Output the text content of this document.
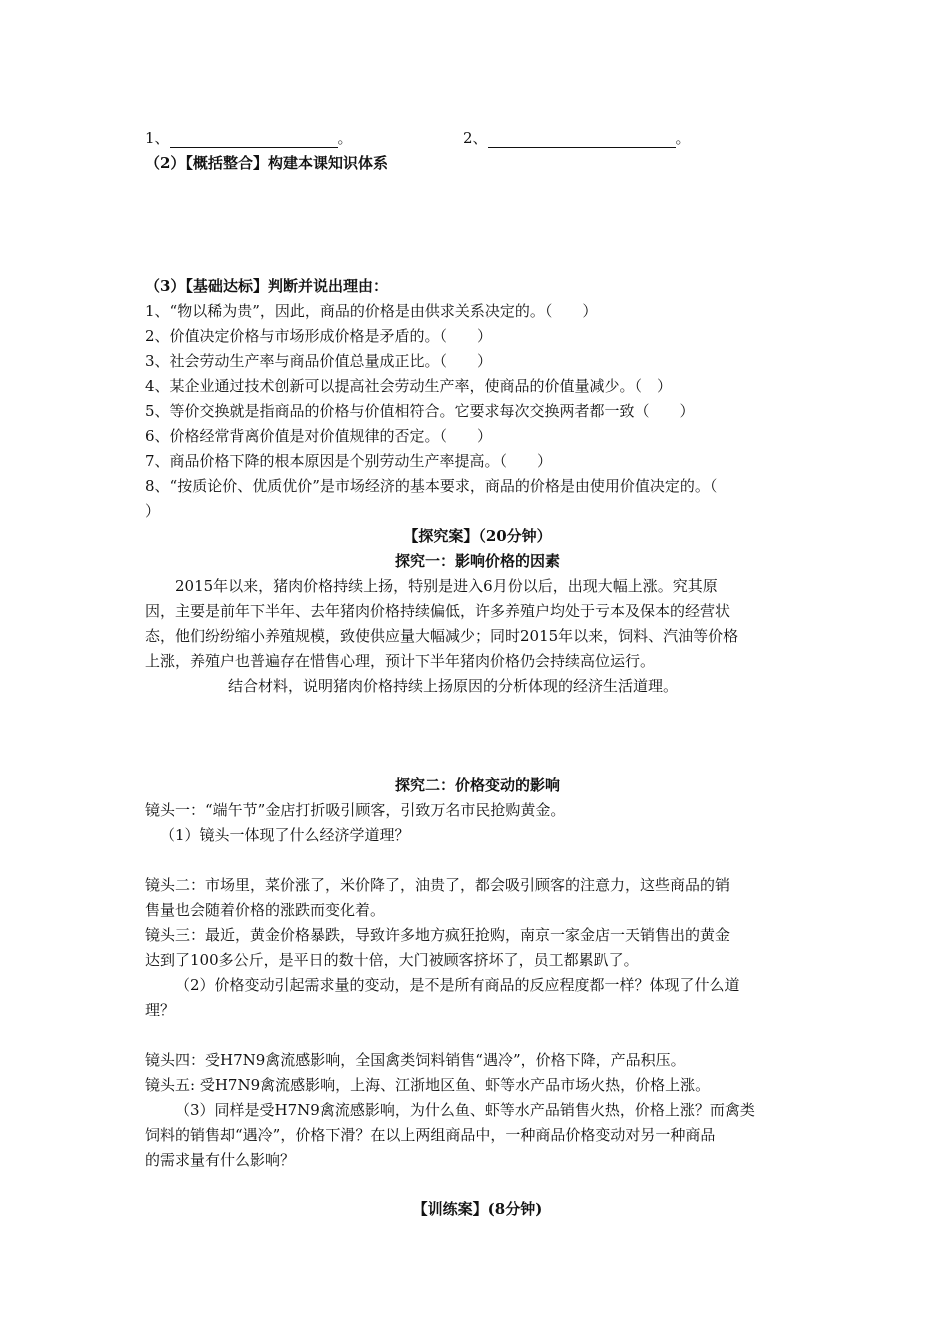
1、	。	2、	。
（2）【概括整合】构建本课知识体系
（3）【基础达标】判断并说出理由：
1、“物以稀为贵”，因此，商品的价格是由供求关系决定的。（　　）
2、价值决定价格与市场形成价格是矛盾的。（　　）
3、社会劳动生产率与商品价值总量成正比。（　　）
4、某企业通过技术创新可以提高社会劳动生产率，使商品的价值量减少。（　）
5、等价交换就是指商品的价格与价值相符合。它要求每次交换两者都一致（　　）
6、价格经常背离价值是对价值规律的否定。（　　）
7、商品价格下降的根本原因是个别劳动生产率提高。（　　）
8、“按质论价、优质优价”是市场经济的基本要求，商品的价格是由使用价值决定的。（
）
【探究案】（20分钟）
探究一：影响价格的因素
2015年以来，猪肉价格持续上扬，特别是进入6月份以后，出现大幅上涨。究其原
因，主要是前年下半年、去年猪肉价格持续偏低，许多养殖户均处于亏本及保本的经营状
态，他们纷纷缩小养殖规模，致使供应量大幅减少；同时2015年以来，饲料、汽油等价格
上涨，养殖户也普遍存在惜售心理，预计下半年猪肉价格仍会持续高位运行。
结合材料，说明猪肉价格持续上扬原因的分析体现的经济生活道理。
探究二：价格变动的影响
镜头一：“端午节”金店打折吸引顾客，引致万名市民抢购黄金。
（1）镜头一体现了什么经济学道理？
镜头二：市场里，菜价涨了，米价降了，油贵了，都会吸引顾客的注意力，这些商品的销
售量也会随着价格的涨跌而变化着。
镜头三：最近，黄金价格暴跌，导致许多地方疯狂抢购，南京一家金店一天销售出的黄金
达到了100多公斤，是平日的数十倍，大门被顾客挤坏了，员工都累趴了。
（2）价格变动引起需求量的变动，是不是所有商品的反应程度都一样？体现了什么道
理？
镜头四：受H7N9禽流感影响，全国禽类饲料销售“遇冷”，价格下降，产品积压。
镜头五: 受H7N9禽流感影响，上海、江浙地区鱼、虾等水产品市场火热，价格上涨。
（3）同样是受H7N9禽流感影响，为什么鱼、虾等水产品销售火热，价格上涨？而禽类
饲料的销售却“遇冷”，价格下滑？在以上两组商品中，一种商品价格变动对另一种商品
的需求量有什么影响？
【训练案】(8分钟)
